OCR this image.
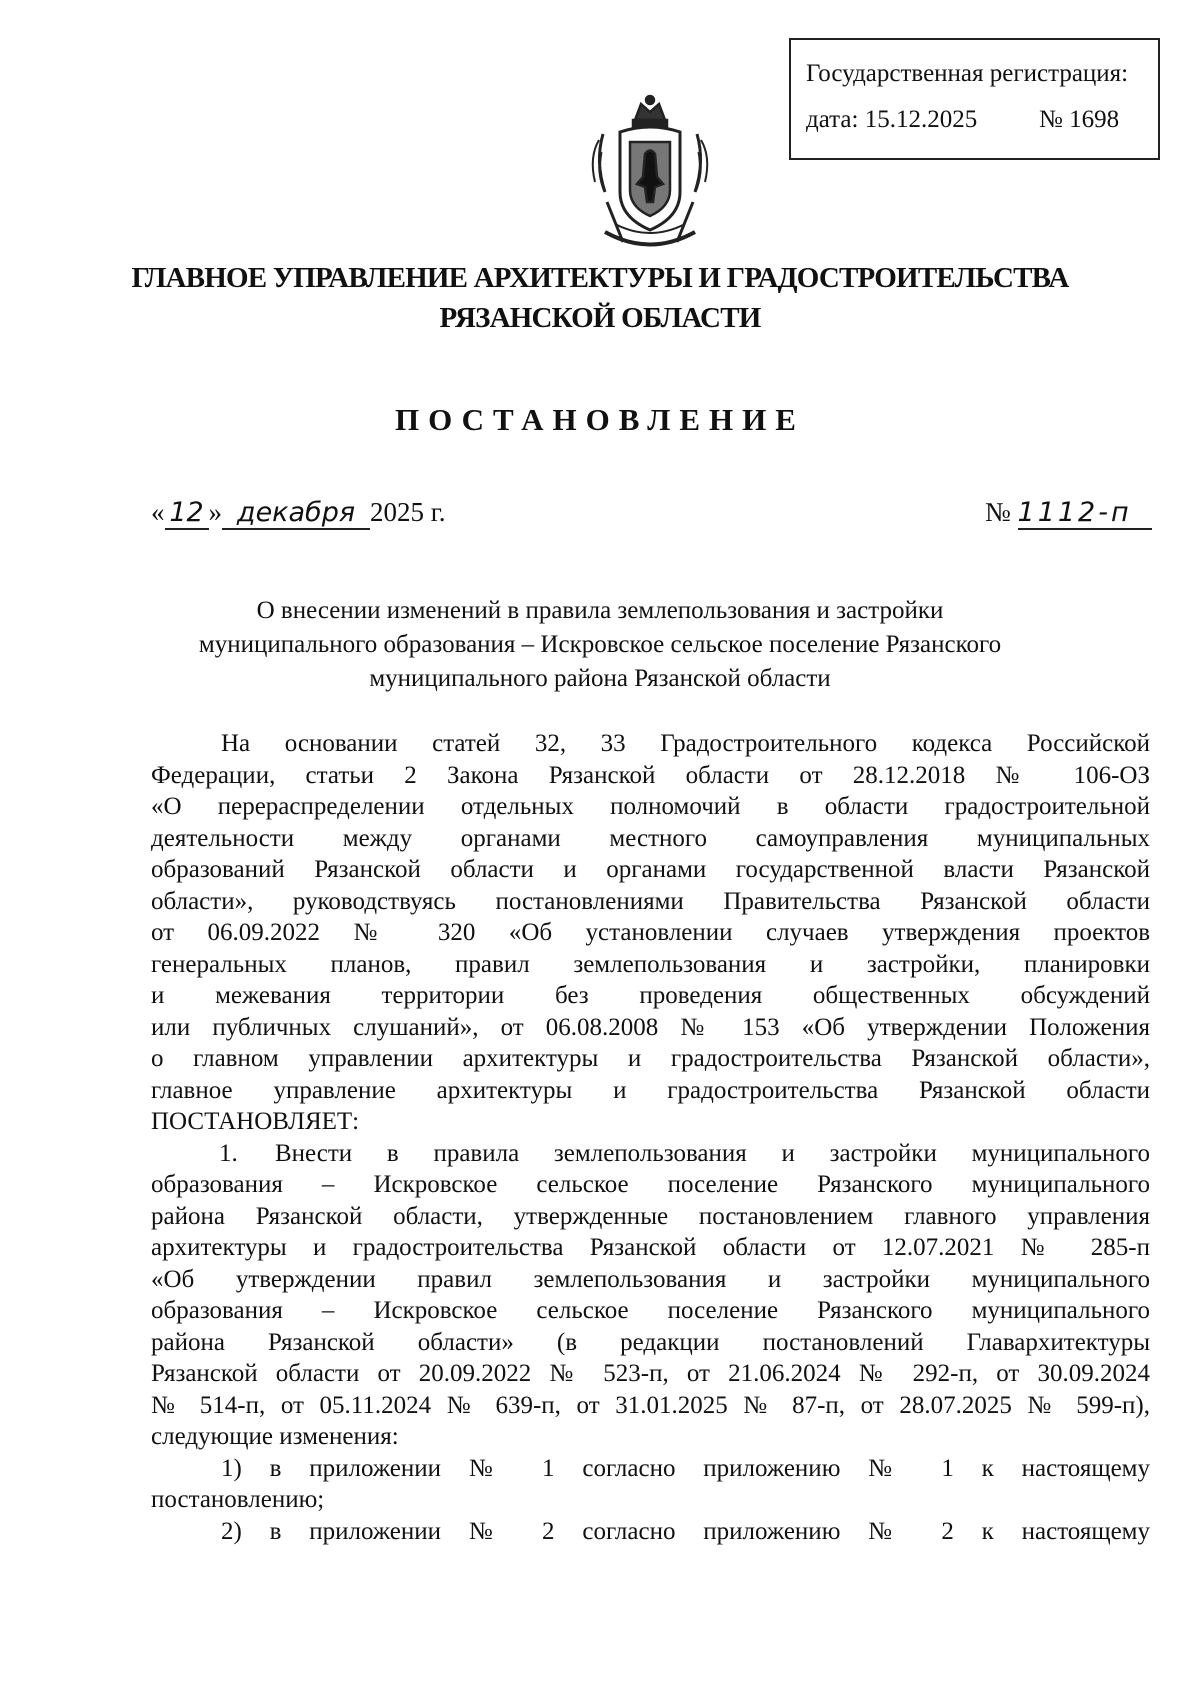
Государственная регистрация:
дата: 15.12.2025 № 1698
ГЛАВНОЕ УПРАВЛЕНИЕ АРХИТЕКТУРЫ И ГРАДОСТРОИТЕЛЬСТВА
РЯЗАНСКОЙ ОБЛАСТИ
ПОСТАНОВЛЕНИЕ
« 12 » декабря 2025 г.	№ 1112-п
О внесении изменений в правила землепользования и застройки
муниципального образования – Искровское сельское поселение Рязанского
муниципального района Рязанской области
На основании статей 32, 33 Градостроительного кодекса Российской
Федерации, статьи 2 Закона Рязанской области от 28.12.2018 № 106-ОЗ
«О перераспределении отдельных полномочий в области градостроительной
деятельности между органами местного самоуправления муниципальных
образований Рязанской области и органами государственной власти Рязанской
области», руководствуясь постановлениями Правительства Рязанской области
от 06.09.2022 № 320 «Об установлении случаев утверждения проектов
генеральных планов, правил землепользования и застройки, планировки
и межевания территории без проведения общественных обсуждений
или публичных слушаний», от 06.08.2008 № 153 «Об утверждении Положения
о главном управлении архитектуры и градостроительства Рязанской области»,
главное управление архитектуры и градостроительства Рязанской области
ПОСТАНОВЛЯЕТ:
1. Внести в правила землепользования и застройки муниципального
образования – Искровское сельское поселение Рязанского муниципального
района Рязанской области, утвержденные постановлением главного управления
архитектуры и градостроительства Рязанской области от 12.07.2021 № 285-п
«Об утверждении правил землепользования и застройки муниципального
образования – Искровское сельское поселение Рязанского муниципального
района Рязанской области» (в редакции постановлений Главархитектуры
Рязанской области от 20.09.2022 № 523-п, от 21.06.2024 № 292-п, от 30.09.2024
№ 514-п, от 05.11.2024 № 639-п, от 31.01.2025 № 87-п, от 28.07.2025 № 599-п),
следующие изменения:
1) в приложении № 1 согласно приложению № 1 к настоящему
постановлению;
2) в приложении № 2 согласно приложению № 2 к настоящему
